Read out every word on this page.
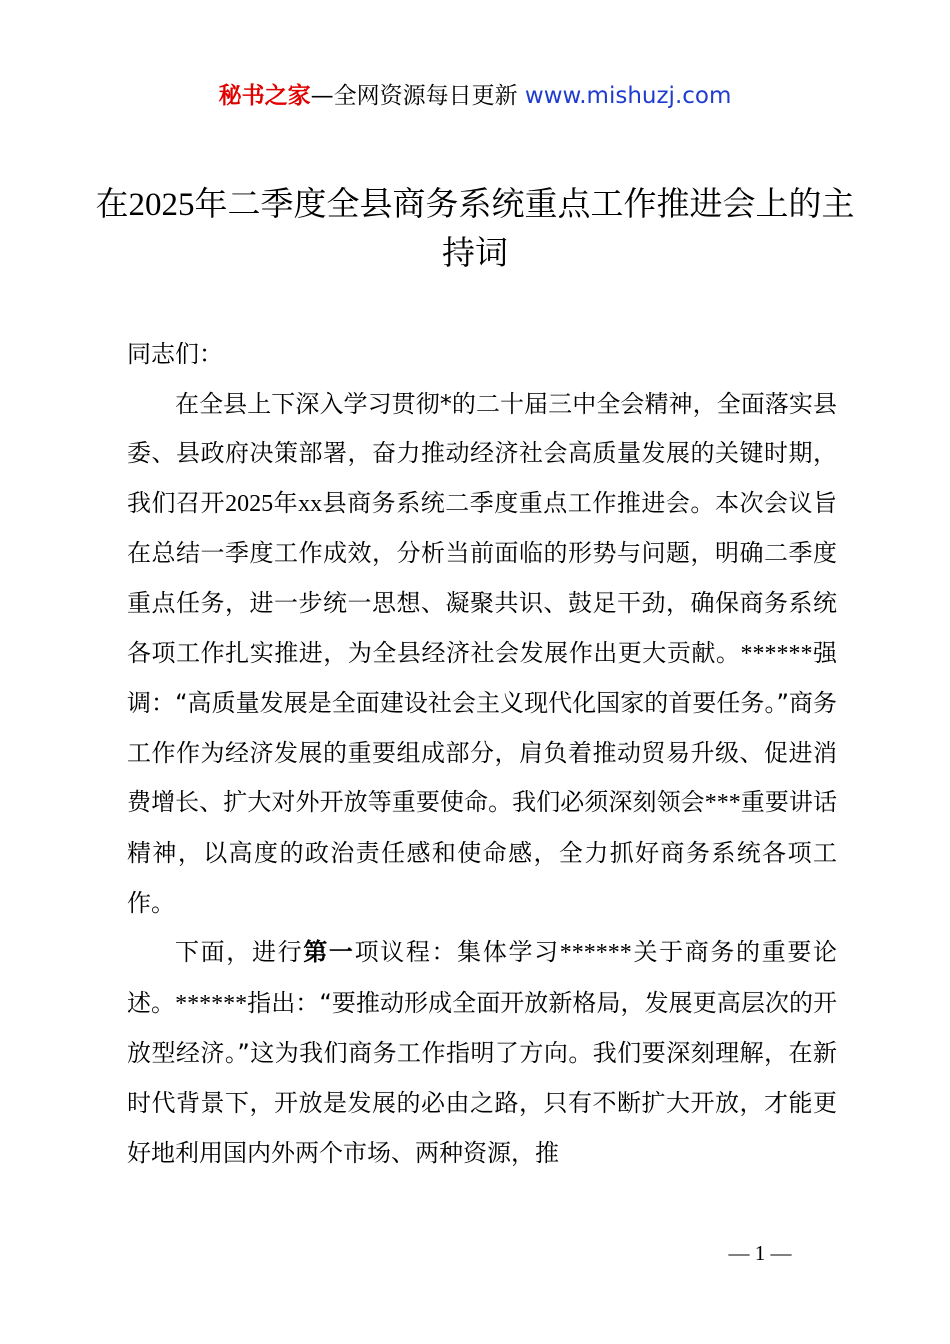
秘书之家—全网资源每日更新 www.mishuzj.com
在2025年二季度全县商务系统重点工作推进会上的主持词

同志们：

在全县上下深入学习贯彻*的二十届三中全会精神，全面落实县委、县政府决策部署，奋力推动经济社会高质量发展的关键时期，我们召开2025年xx县商务系统二季度重点工作推进会。本次会议旨在总结一季度工作成效，分析当前面临的形势与问题，明确二季度重点任务，进一步统一思想、凝聚共识、鼓足干劲，确保商务系统各项工作扎实推进，为全县经济社会发展作出更大贡献。******强调：“高质量发展是全面建设社会主义现代化国家的首要任务。”商务工作作为经济发展的重要组成部分，肩负着推动贸易升级、促进消费增长、扩大对外开放等重要使命。我们必须深刻领会***重要讲话精神，以高度的政治责任感和使命感，全力抓好商务系统各项工作。

下面，进行第一项议程：集体学习******关于商务的重要论述。******指出：“要推动形成全面开放新格局，发展更高层次的开放型经济。”这为我们商务工作指明了方向。我们要深刻理解，在新时代背景下，开放是发展的必由之路，只有不断扩大开放，才能更好地利用国内外两个市场、两种资源，推

— 1 —
